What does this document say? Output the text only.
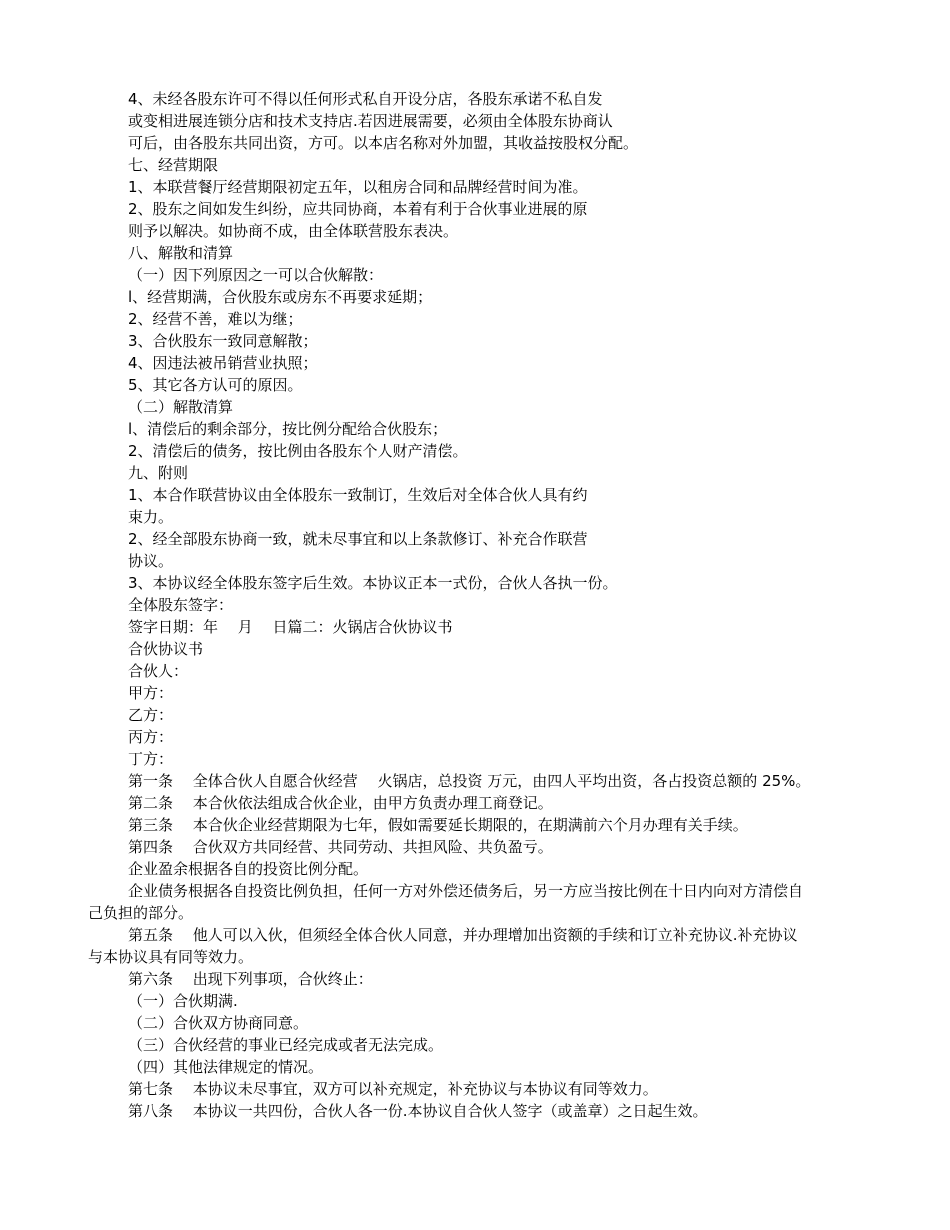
4、未经各股东许可不得以任何形式私自开设分店，各股东承诺不私自发
或变相进展连锁分店和技术支持店.若因进展需要，必须由全体股东协商认
可后，由各股东共同出资，方可。以本店名称对外加盟，其收益按股权分配。
七、经营期限
1、本联营餐厅经营期限初定五年，以租房合同和品牌经营时间为准。
2、股东之间如发生纠纷，应共同协商，本着有利于合伙事业进展的原
则予以解决。如协商不成，由全体联营股东表决。
八、解散和清算
（一）因下列原因之一可以合伙解散：
l、经营期满，合伙股东或房东不再要求延期；
2、经营不善，难以为继；
3、合伙股东一致同意解散；
4、因违法被吊销营业执照；
5、其它各方认可的原因。
（二）解散清算
l、清偿后的剩余部分，按比例分配给合伙股东；
2、清偿后的债务，按比例由各股东个人财产清偿。
九、附则
1、本合作联营协议由全体股东一致制订，生效后对全体合伙人具有约
束力。
2、经全部股东协商一致，就未尽事宜和以上条款修订、补充合作联营
协议。
3、本协议经全体股东签字后生效。本协议正本一式份，合伙人各执一份。
全体股东签字：
签字日期：年　 月　 日篇二：火锅店合伙协议书
合伙协议书
合伙人：
甲方：
乙方：
丙方：
丁方：
第一条　 全体合伙人自愿合伙经营　 火锅店，总投资 万元，由四人平均出资，各占投资总额的 25%。
第二条　 本合伙依法组成合伙企业，由甲方负责办理工商登记。
第三条　 本合伙企业经营期限为七年，假如需要延长期限的，在期满前六个月办理有关手续。
第四条　 合伙双方共同经营、共同劳动、共担风险、共负盈亏。
企业盈余根据各自的投资比例分配。
企业债务根据各自投资比例负担，任何一方对外偿还债务后，另一方应当按比例在十日内向对方清偿自
己负担的部分。
第五条　 他人可以入伙，但须经全体合伙人同意，并办理增加出资额的手续和订立补充协议.补充协议
与本协议具有同等效力。
第六条　 出现下列事项，合伙终止：
（一）合伙期满.
（二）合伙双方协商同意。
（三）合伙经营的事业已经完成或者无法完成。
（四）其他法律规定的情况。
第七条　 本协议未尽事宜，双方可以补充规定，补充协议与本协议有同等效力。
第八条　 本协议一共四份，合伙人各一份.本协议自合伙人签字（或盖章）之日起生效。
